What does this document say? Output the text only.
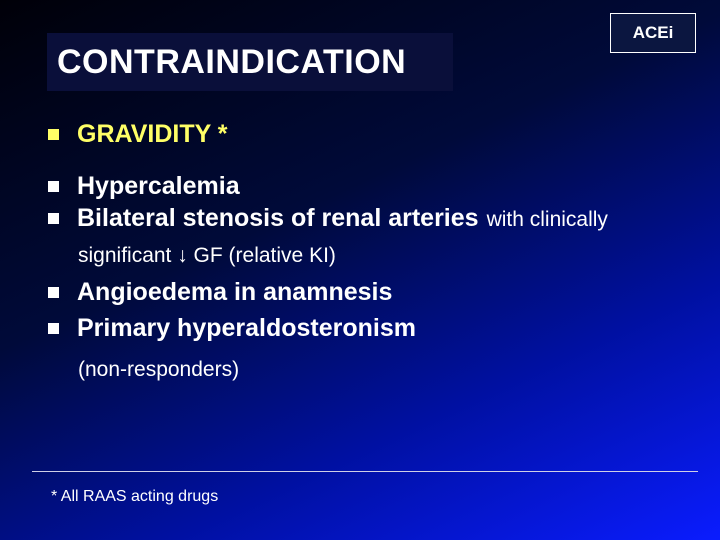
CONTRAINDICATION
ACEi
GRAVIDITY *
Hypercalemia
Bilateral stenosis of renal arteries with clinically
significant ↓ GF (relative KI)
Angioedema in anamnesis
Primary hyperaldosteronism
(non-responders)
* All RAAS acting drugs
